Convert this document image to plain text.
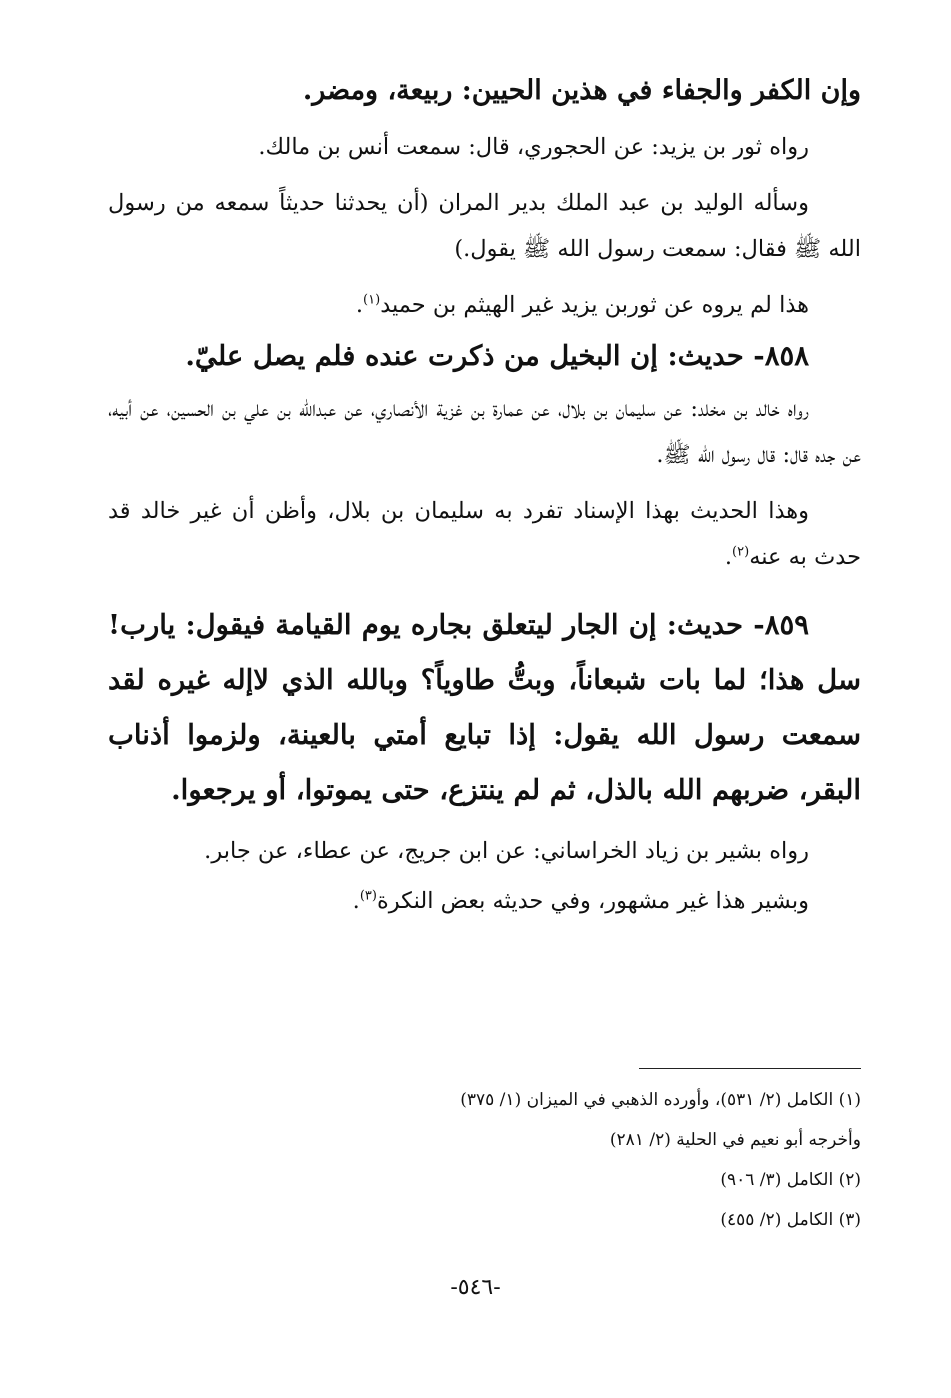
وإن الكفر والجفاء في هذين الحيين: ربيعة، ومضر.

رواه ثور بن يزيد: عن الحجوري، قال: سمعت أنس بن مالك.

وسأله الوليد بن عبد الملك بدير المران (أن يحدثنا حديثاً سمعه من رسول الله ﷺ فقال: سمعت رسول الله ﷺ يقول.)

هذا لم يروه عن ثوربن يزيد غير الهيثم بن حميد$^{(١)}$.

٨٥٨- حديث: إن البخيل من ذكرت عنده فلم يصل عليّ.

رواه خالد بن مخلد: عن سليمان بن بلال، عن عمارة بن غزية الأنصاري، عن عبدالله بن علي بن الحسين، عن أبيه، عن جده قال: قال رسول الله ﷺ.

وهذا الحديث بهذا الإسناد تفرد به سليمان بن بلال، وأظن أن غير خالد قد حدث به عنه$^{(٢)}$.

٨٥٩- حديث: إن الجار ليتعلق بجاره يوم القيامة فيقول: يارب! سل هذا؛ لما بات شبعاناً، وبتُّ طاوياً؟ وبالله الذي لاإله غيره لقد سمعت رسول الله يقول: إذا تبايع أمتي بالعينة، ولزموا أذناب البقر، ضربهم الله بالذل، ثم لم ينتزع، حتى يموتوا، أو يرجعوا.

رواه بشير بن زياد الخراساني: عن ابن جريج، عن عطاء، عن جابر.

وبشير هذا غير مشهور، وفي حديثه بعض النكرة$^{(٣)}$.

(١) الكامل (٢/ ٥٣١)، وأورده الذهبي في الميزان (١/ ٣٧٥)

وأخرجه أبو نعيم في الحلية (٢/ ٢٨١)

(٢) الكامل (٣/ ٩٠٦)

(٣) الكامل (٢/ ٤٥٥)

-٥٤٦-
